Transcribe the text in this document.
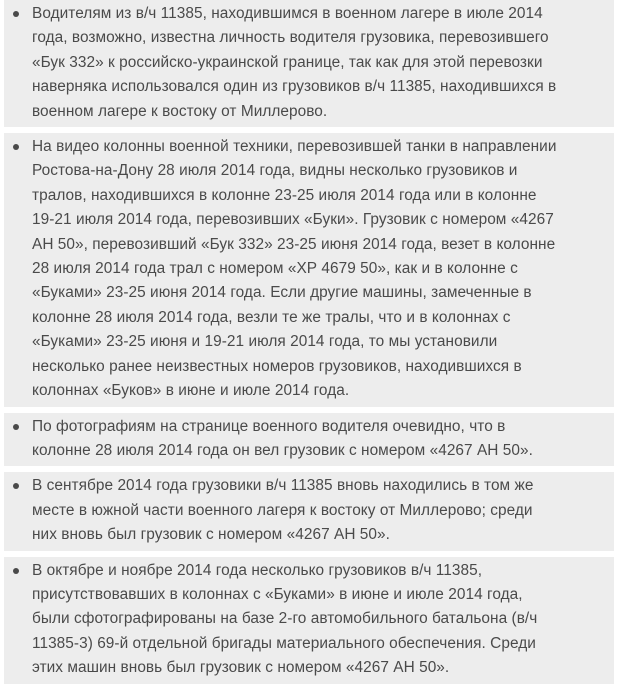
Водителям из в/ч 11385, находившимся в военном лагере в июле 2014
года, возможно, известна личность водителя грузовика, перевозившего
«Бук 332» к российско-украинской границе, так как для этой перевозки
наверняка использовался один из грузовиков в/ч 11385, находившихся в
военном лагере к востоку от Миллерово.
На видео колонны военной техники, перевозившей танки в направлении
Ростова-на-Дону 28 июля 2014 года, видны несколько грузовиков и
тралов, находившихся в колонне 23-25 июля 2014 года или в колонне
19-21 июля 2014 года, перевозивших «Буки». Грузовик с номером «4267
АН 50», перевозивший «Бук 332» 23-25 июня 2014 года, везет в колонне
28 июля 2014 года трал с номером «ХР 4679 50», как и в колонне с
«Буками» 23-25 июня 2014 года. Если другие машины, замеченные в
колонне 28 июля 2014 года, везли те же тралы, что и в колоннах с
«Буками» 23-25 июня и 19-21 июля 2014 года, то мы установили
несколько ранее неизвестных номеров грузовиков, находившихся в
колоннах «Буков» в июне и июле 2014 года.
По фотографиям на странице военного водителя очевидно, что в
колонне 28 июля 2014 года он вел грузовик с номером «4267 АН 50».
В сентябре 2014 года грузовики в/ч 11385 вновь находились в том же
месте в южной части военного лагеря к востоку от Миллерово; среди
них вновь был грузовик с номером «4267 АН 50».
В октябре и ноябре 2014 года несколько грузовиков в/ч 11385,
присутствовавших в колоннах с «Буками» в июне и июле 2014 года,
были сфотографированы на базе 2-го автомобильного батальона (в/ч
11385-3) 69-й отдельной бригады материального обеспечения. Среди
этих машин вновь был грузовик с номером «4267 АН 50».
